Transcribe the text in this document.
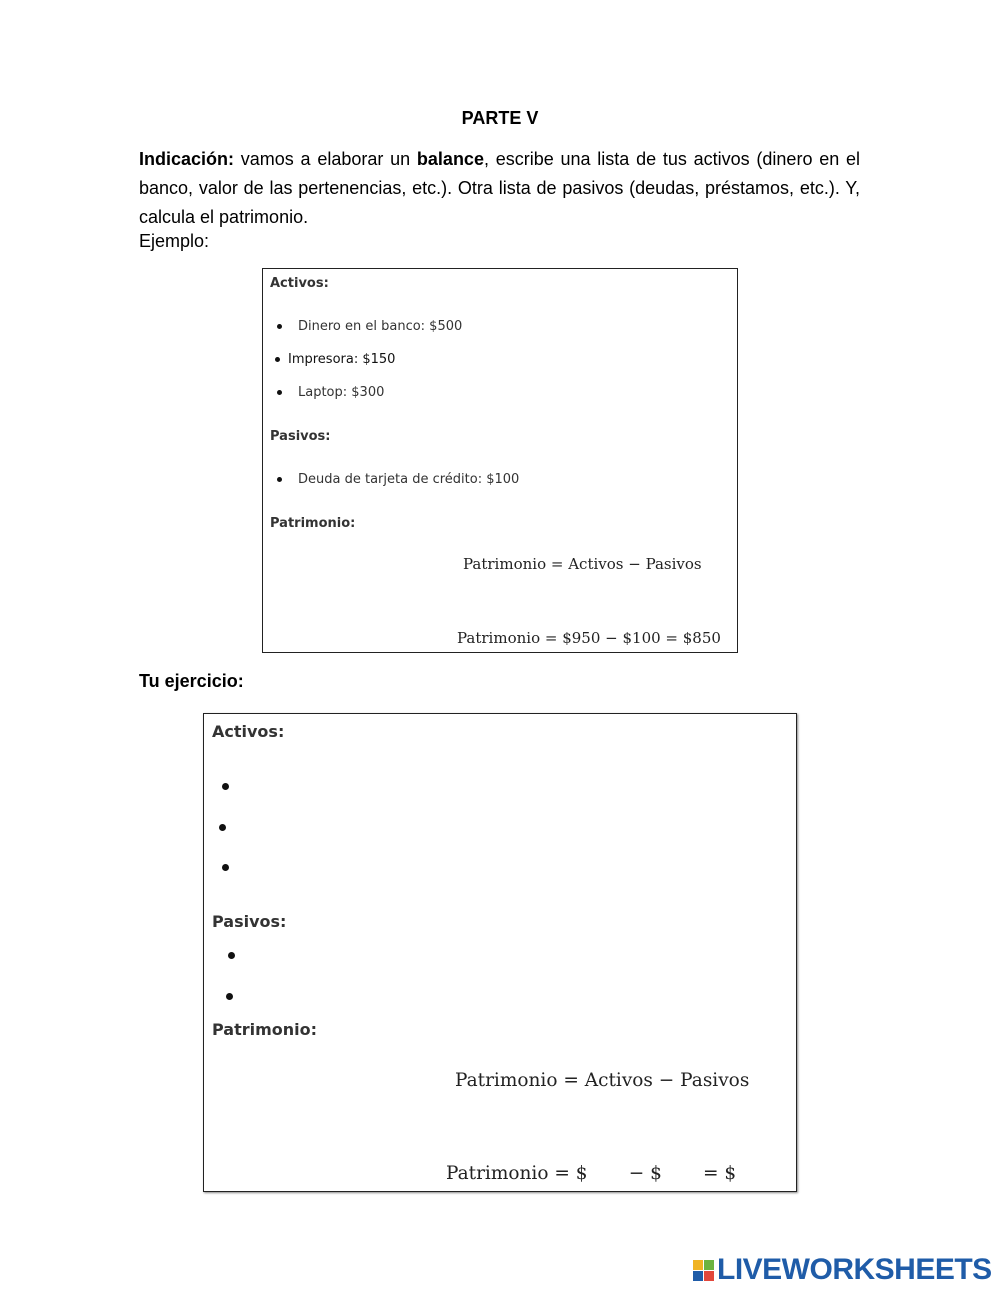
PARTE V
Indicación: vamos a elaborar un balance, escribe una lista de tus activos (dinero en el banco, valor de las pertenencias, etc.). Otra lista de pasivos (deudas, préstamos, etc.). Y, calcula el patrimonio.
Ejemplo:
Activos:
Dinero en el banco: $500
Impresora: $150
Laptop: $300
Pasivos:
Deuda de tarjeta de crédito: $100
Patrimonio:
Patrimonio = Activos − Pasivos
Patrimonio = $950 − $100 = $850
Tu ejercicio:
Activos:
Pasivos:
Patrimonio:
Patrimonio = Activos − Pasivos
Patrimonio = $       − $       = $
LIVEWORKSHEETS
